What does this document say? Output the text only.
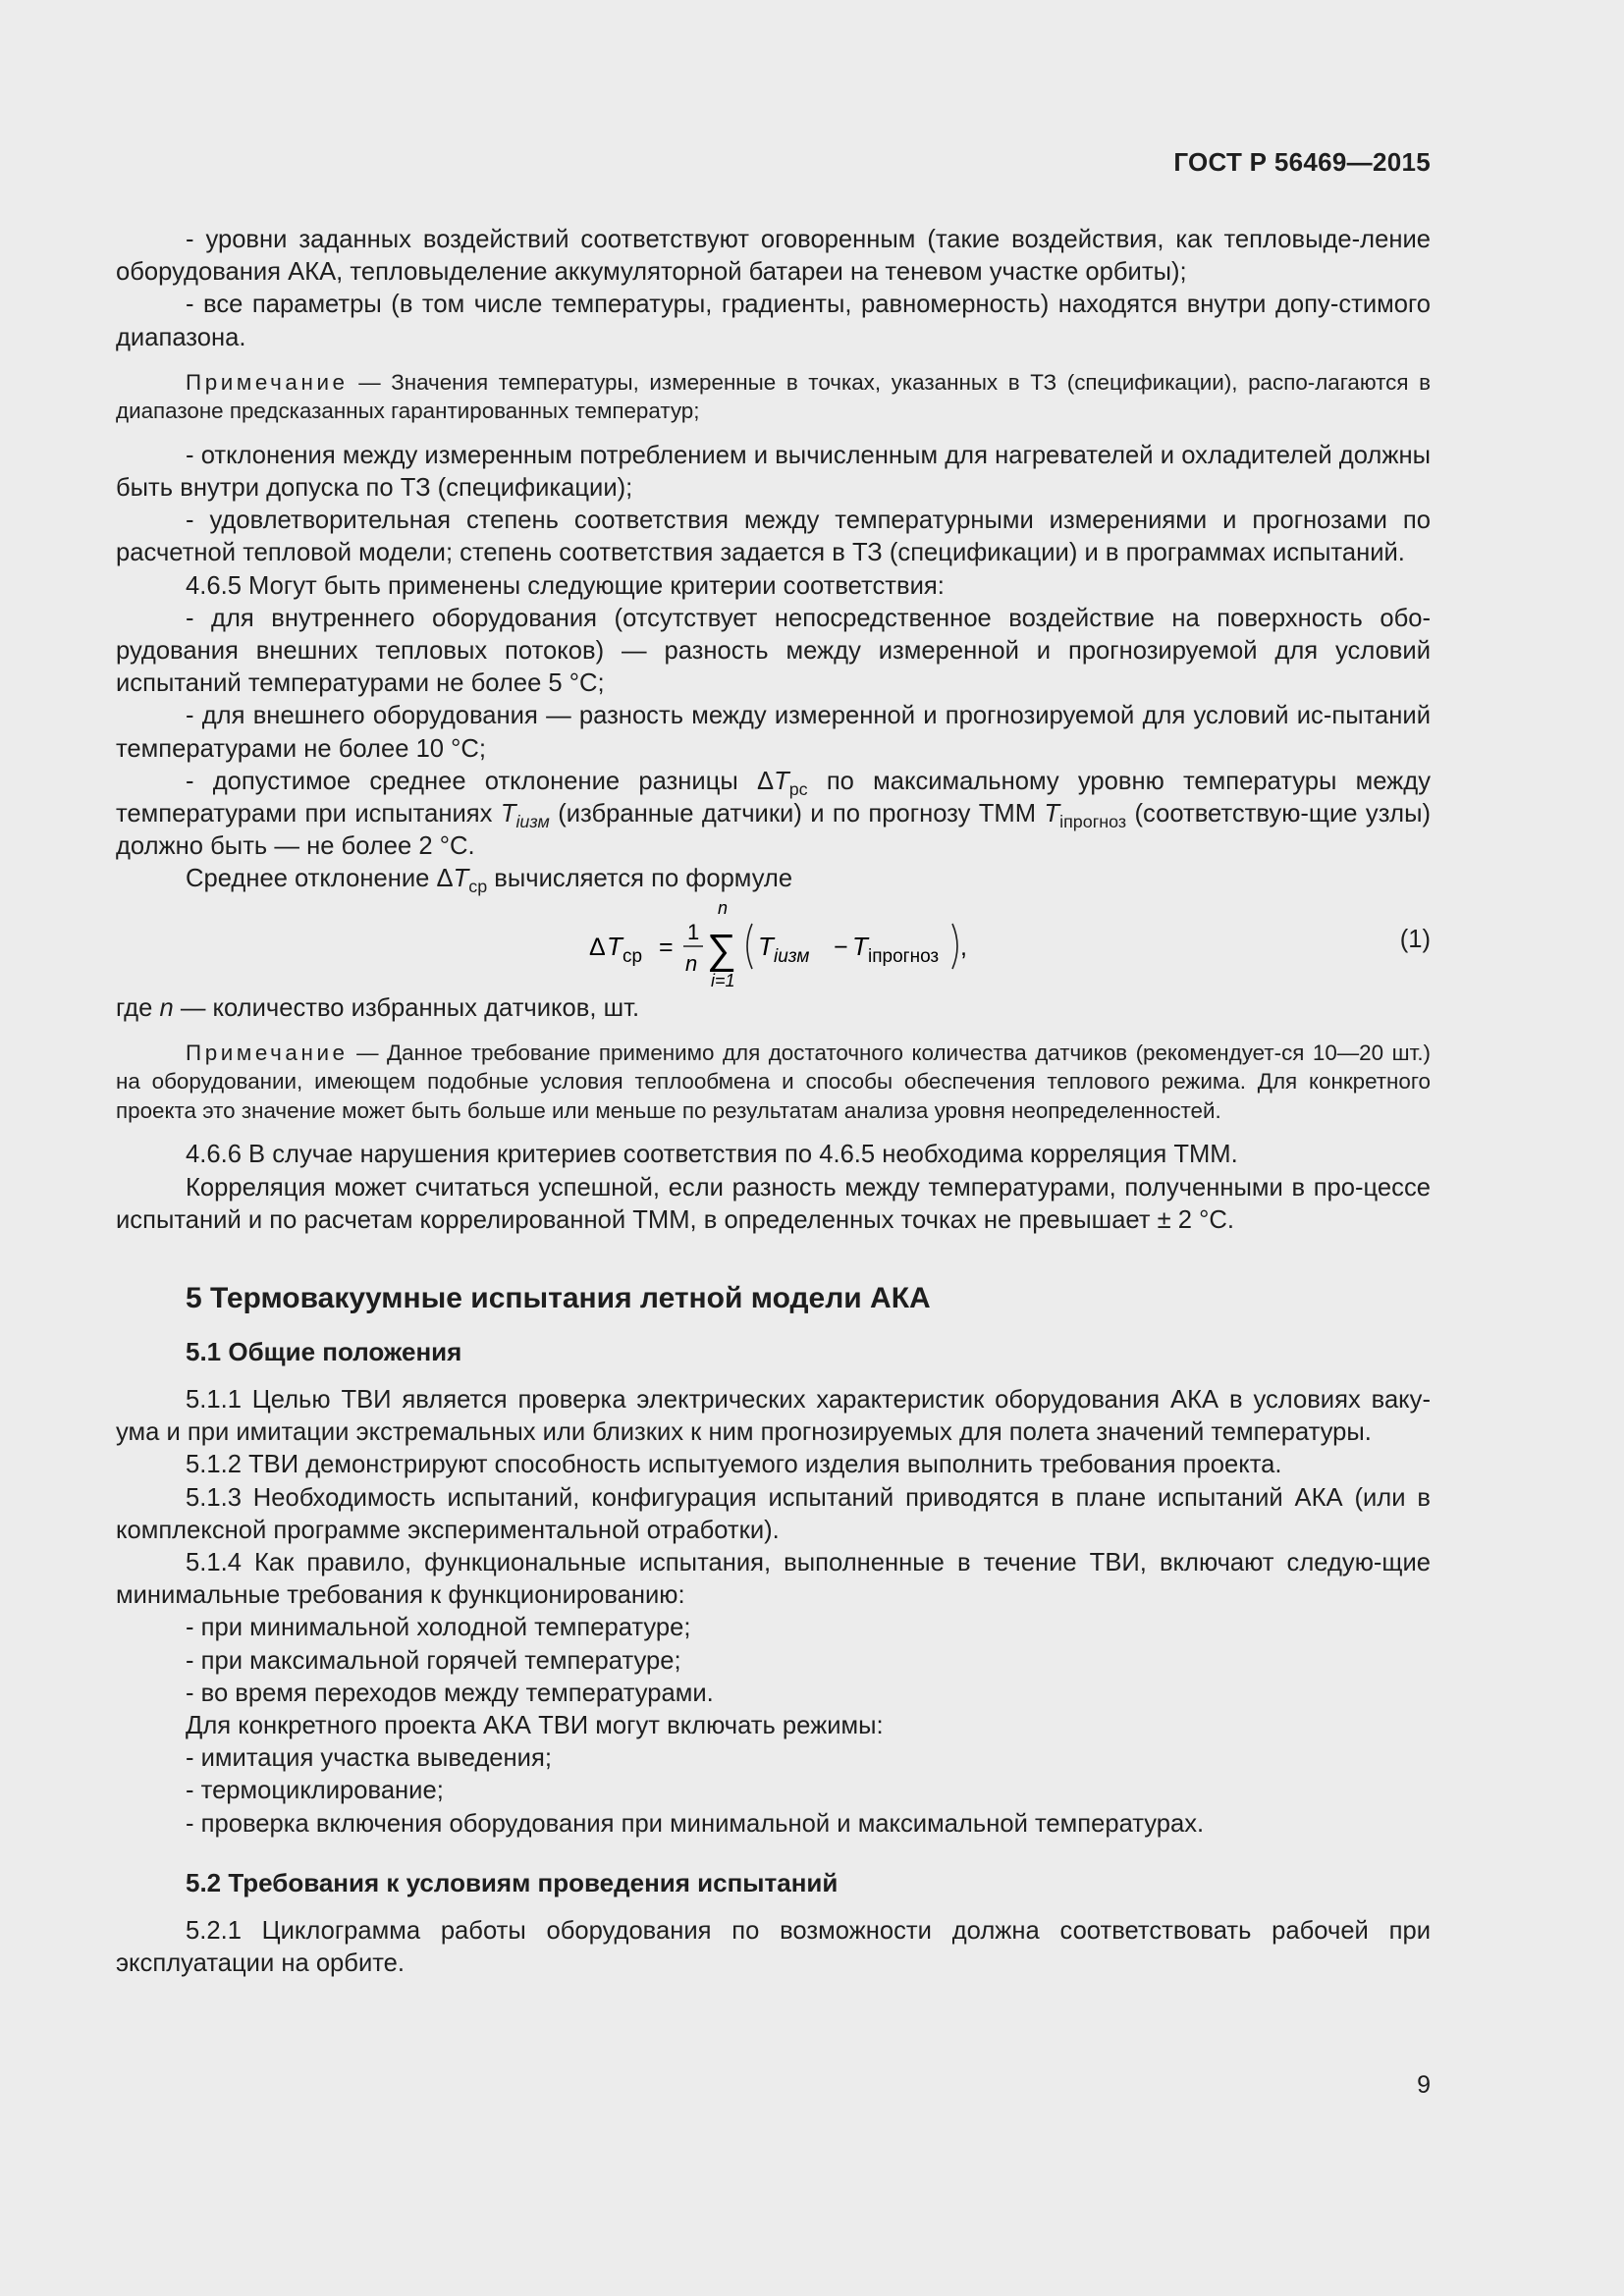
ГОСТ Р 56469—2015

- уровни заданных воздействий соответствуют оговоренным (такие воздействия, как тепловыде-ление оборудования АКА, тепловыделение аккумуляторной батареи на теневом участке орбиты);

- все параметры (в том числе температуры, градиенты, равномерность) находятся внутри допу-стимого диапазона.

Примечание — Значения температуры, измеренные в точках, указанных в ТЗ (спецификации), распо-лагаются в диапазоне предсказанных гарантированных температур;

- отклонения между измеренным потреблением и вычисленным для нагревателей и охладителей должны быть внутри допуска по ТЗ (спецификации);

- удовлетворительная степень соответствия между температурными измерениями и прогнозами по расчетной тепловой модели; степень соответствия задается в ТЗ (спецификации) и в программах испытаний.

4.6.5 Могут быть применены следующие критерии соответствия:

- для внутреннего оборудования (отсутствует непосредственное воздействие на поверхность обо-рудования внешних тепловых потоков) — разность между измеренной и прогнозируемой для условий испытаний температурами не более 5 °С;

- для внешнего оборудования — разность между измеренной и прогнозируемой для условий ис-пытаний температурами не более 10 °С;

- допустимое среднее отклонение разницы $\Delta T_{рс}$ по максимальному уровню температуры между температурами при испытаниях $T_{iизм}$ (избранные датчики) и по прогнозу ТММ $T_{iпрогноз}$ (соответствую-щие узлы) должно быть — не более 2 °С.

Среднее отклонение $\Delta T_{ср}$ вычисляется по формуле

Δ T ср =
1
n
n
∑
i=1
T iизм − T iпрогноз ,	(1)

где n — количество избранных датчиков, шт.

Примечание — Данное требование применимо для достаточного количества датчиков (рекомендует-ся 10—20 шт.) на оборудовании, имеющем подобные условия теплообмена и способы обеспечения теплового режима. Для конкретного проекта это значение может быть больше или меньше по результатам анализа уровня неопределенностей.

4.6.6 В случае нарушения критериев соответствия по 4.6.5 необходима корреляция ТММ.

Корреляция может считаться успешной, если разность между температурами, полученными в про-цессе испытаний и по расчетам коррелированной ТММ, в определенных точках не превышает ± 2 °С.

5 Термовакуумные испытания летной модели АКА
5.1 Общие положения

5.1.1 Целью ТВИ является проверка электрических характеристик оборудования АКА в условиях ваку-ума и при имитации экстремальных или близких к ним прогнозируемых для полета значений температуры.

5.1.2 ТВИ демонстрируют способность испытуемого изделия выполнить требования проекта.

5.1.3 Необходимость испытаний, конфигурация испытаний приводятся в плане испытаний АКА (или в комплексной программе экспериментальной отработки).

5.1.4 Как правило, функциональные испытания, выполненные в течение ТВИ, включают следую-щие минимальные требования к функционированию:

- при минимальной холодной температуре;

- при максимальной горячей температуре;

- во время переходов между температурами.

Для конкретного проекта АКА ТВИ могут включать режимы:

- имитация участка выведения;

- термоциклирование;

- проверка включения оборудования при минимальной и максимальной температурах.

5.2 Требования к условиям проведения испытаний

5.2.1 Циклограмма работы оборудования по возможности должна соответствовать рабочей при эксплуатации на орбите.

9
